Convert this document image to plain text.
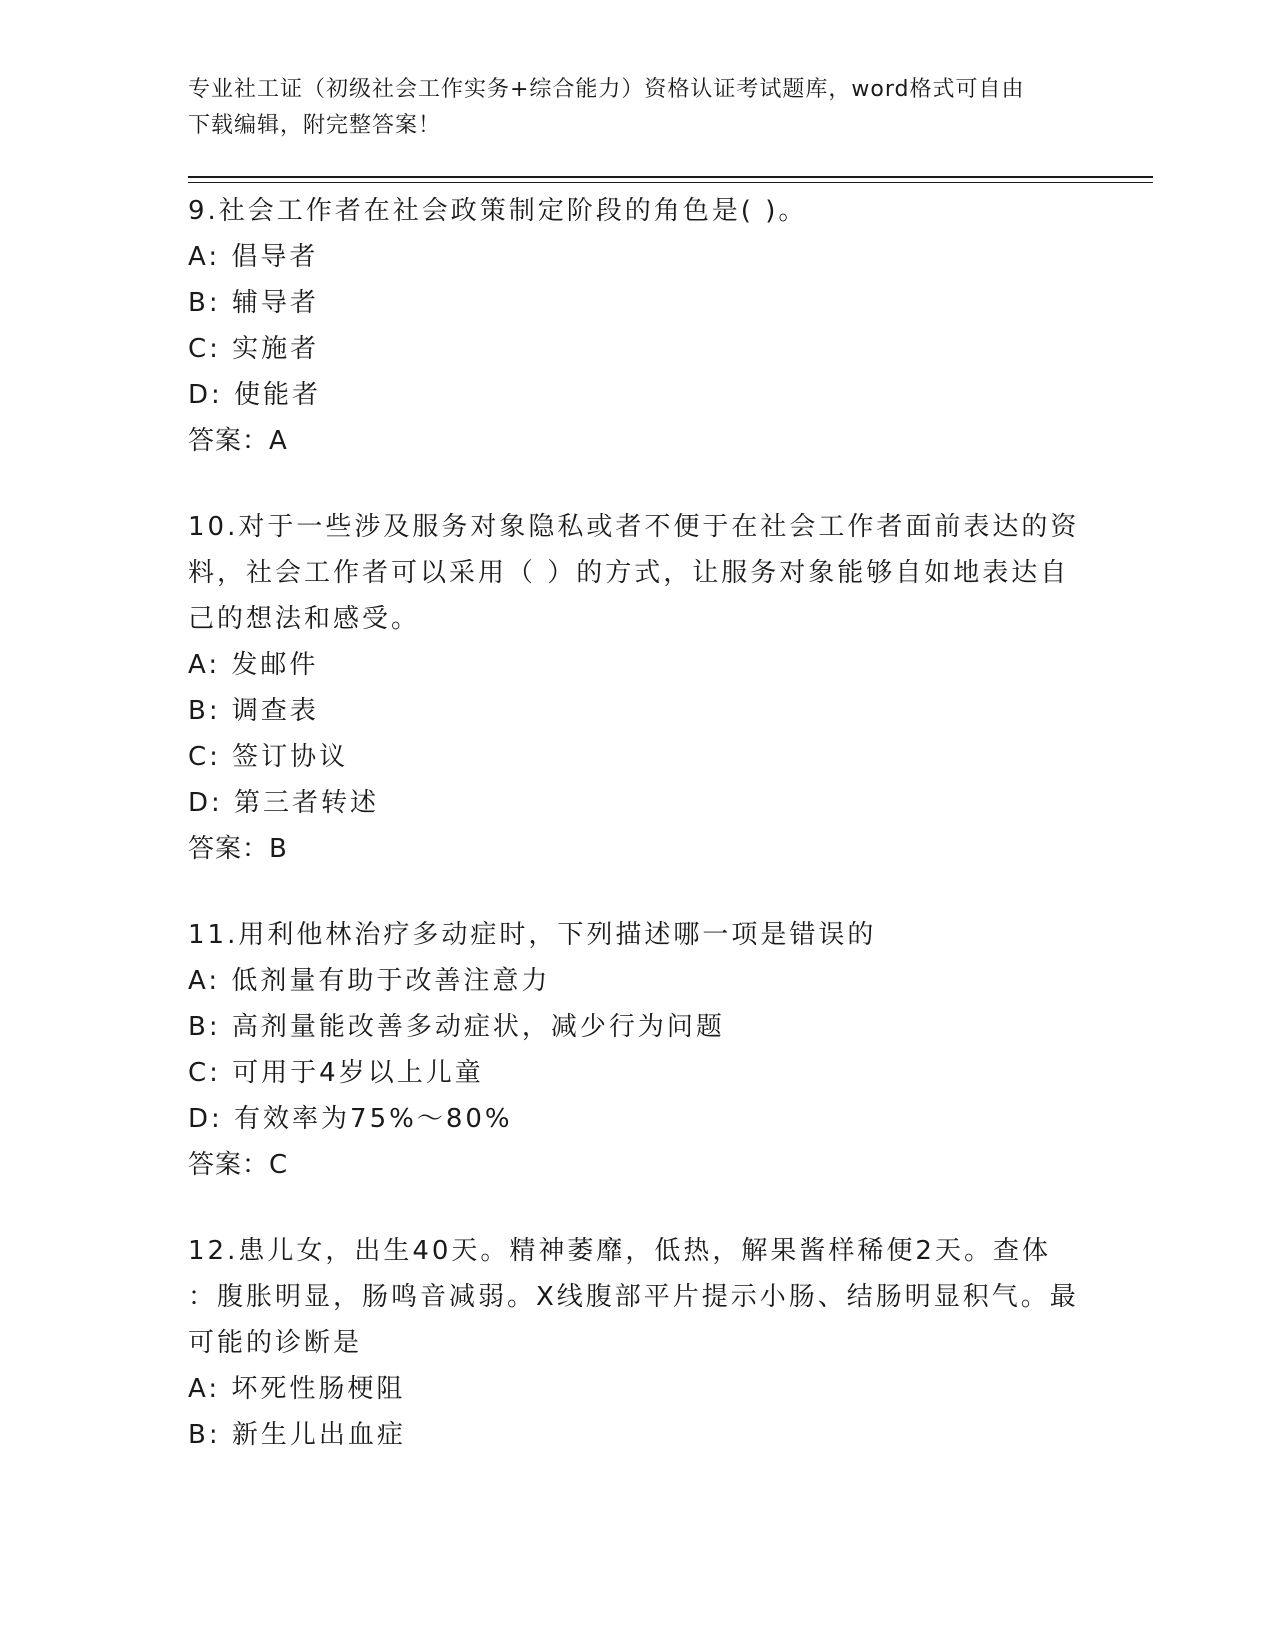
专业社工证（初级社会工作实务+综合能力）资格认证考试题库，word格式可自由
下载编辑，附完整答案！
9.社会工作者在社会政策制定阶段的角色是( )。
A: 倡导者
B: 辅导者
C: 实施者
D: 使能者
答案：A
10.对于一些涉及服务对象隐私或者不便于在社会工作者面前表达的资
料，社会工作者可以采用（ ）的方式，让服务对象能够自如地表达自
己的想法和感受。
A: 发邮件
B: 调查表
C: 签订协议
D: 第三者转述
答案：B
11.用利他林治疗多动症时，下列描述哪一项是错误的
A: 低剂量有助于改善注意力
B: 高剂量能改善多动症状，减少行为问题
C: 可用于4岁以上儿童
D: 有效率为75%～80%
答案：C
12.患儿女，出生40天。精神萎靡，低热，解果酱样稀便2天。查体
：腹胀明显，肠鸣音减弱。X线腹部平片提示小肠、结肠明显积气。最
可能的诊断是
A: 坏死性肠梗阻
B: 新生儿出血症
